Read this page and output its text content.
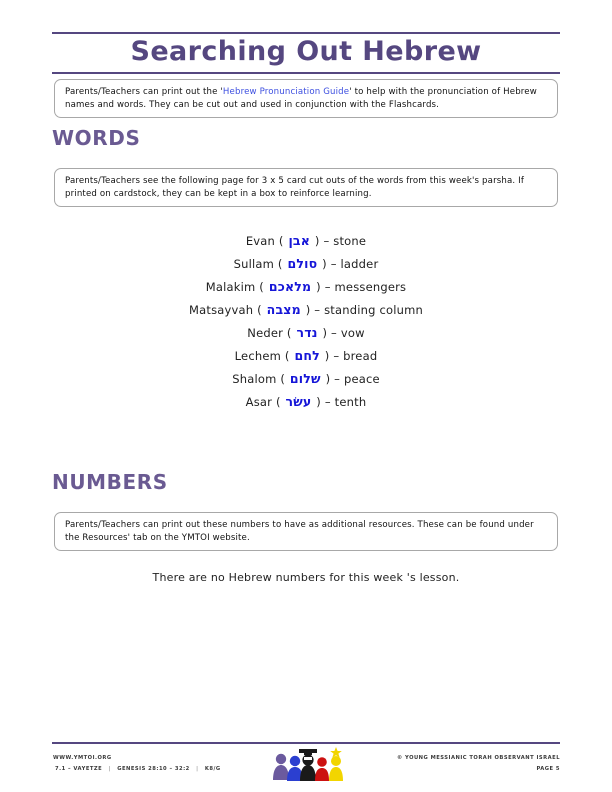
Searching Out Hebrew

Parents/Teachers can print out the 'Hebrew Pronunciation Guide' to help with the pronunciation of Hebrew names and words. They can be cut out and used in conjunction with the Flashcards.

WORDS

Parents/Teachers see the following page for 3 x 5 card cut outs of the words from this week's parsha. If printed on cardstock, they can be kept in a box to reinforce learning.

Evan ( אבן ) – stone
Sullam ( סולם ) – ladder
Malakim ( מלאכם ) – messengers
Matsayvah ( מצבה ) – standing column
Neder ( נדר ) – vow
Lechem ( לחם ) – bread
Shalom ( שלום ) – peace
Asar ( עשׂר ) – tenth
NUMBERS

Parents/Teachers can print out these numbers to have as additional resources. These can be found under the Resources' tab on the YMTOI website.

There are no Hebrew numbers for this week 's lesson.
WWW.YMTOI.ORG
7.1 – VAYETZE | GENESIS 28:10 – 32:2 | K8/G
© YOUNG MESSIANIC TORAH OBSERVANT ISRAEL
PAGE 5
